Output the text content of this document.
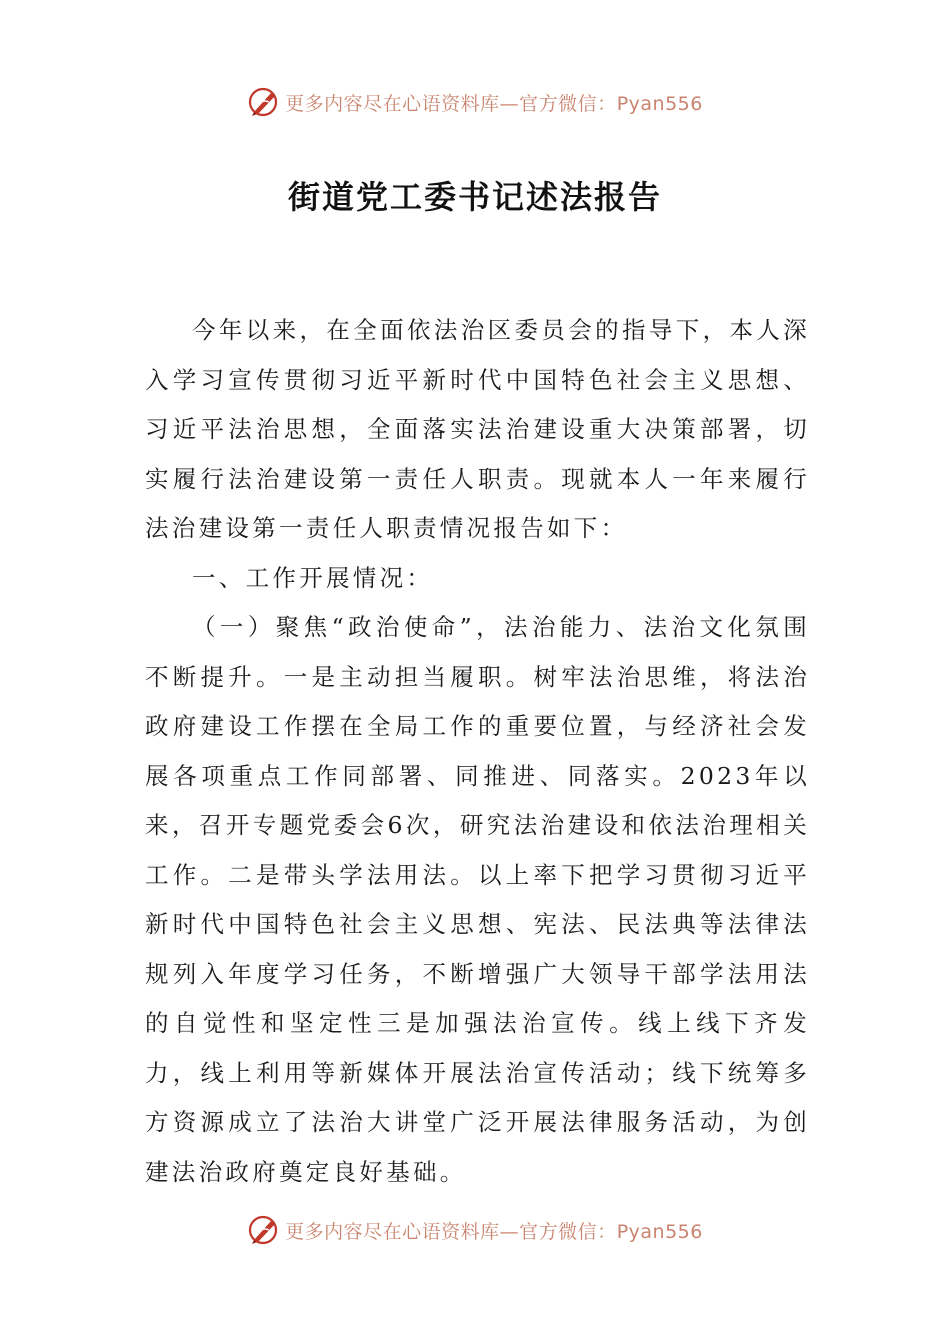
更多内容尽在心语资料库—官方微信：Pyan556
街道党工委书记述法报告

今年以来，在全面依法治区委员会的指导下，本人深入学习宣传贯彻习近平新时代中国特色社会主义思想、习近平法治思想，全面落实法治建设重大决策部署，切实履行法治建设第一责任人职责。现就本人一年来履行法治建设第一责任人职责情况报告如下：

一、工作开展情况：

（一）聚焦“政治使命”，法治能力、法治文化氛围不断提升。一是主动担当履职。树牢法治思维，将法治政府建设工作摆在全局工作的重要位置，与经济社会发展各项重点工作同部署、同推进、同落实。2023年以来，召开专题党委会6次，研究法治建设和依法治理相关工作。二是带头学法用法。以上率下把学习贯彻习近平新时代中国特色社会主义思想、宪法、民法典等法律法规列入年度学习任务，不断增强广大领导干部学法用法的自觉性和坚定性三是加强法治宣传。线上线下齐发力，线上利用等新媒体开展法治宣传活动；线下统筹多方资源成立了法治大讲堂广泛开展法律服务活动，为创建法治政府奠定良好基础。

更多内容尽在心语资料库—官方微信：Pyan556
